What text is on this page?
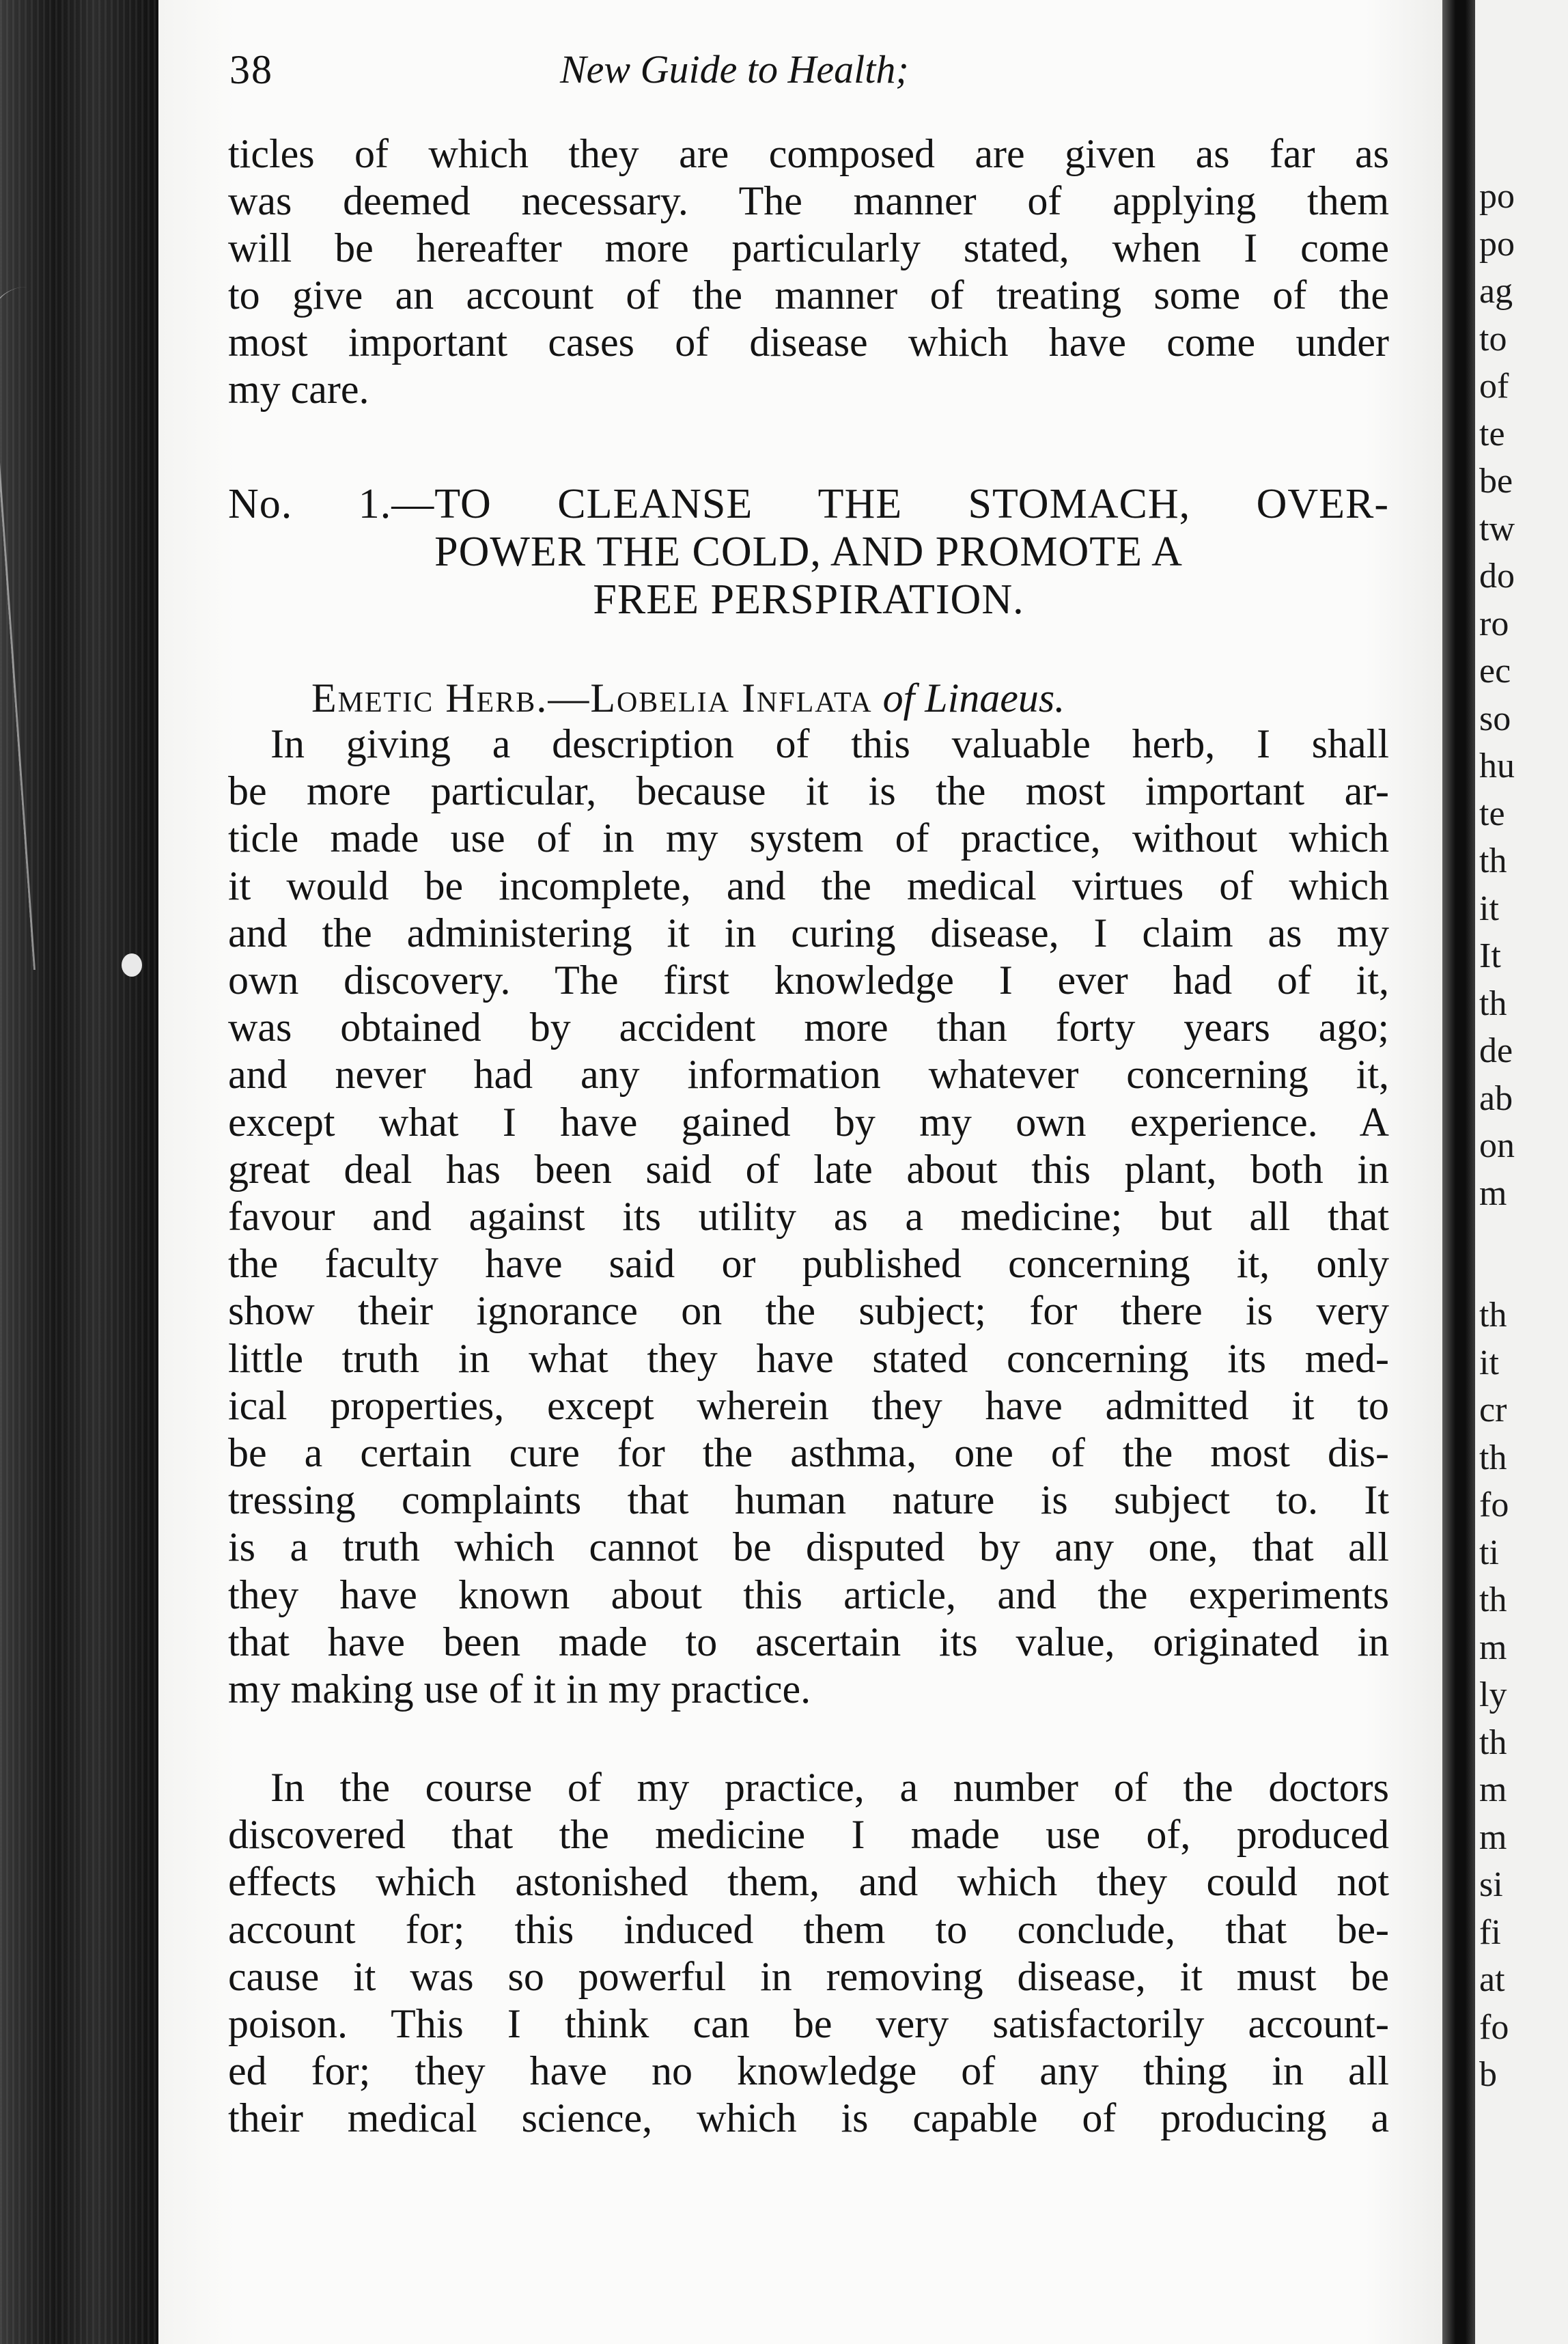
po
po
ag
to
of
te
be
tw
do
ro
ec
so
hu
te
th
it
It
th
de
ab
on
m
th
it
cr
th
fo
ti
th
m
ly
th
m
m
si
fi
at
fo
b
38	New Guide to Health;
ticles of which they are composed are given as far as
was deemed necessary. The manner of applying them
will be hereafter more particularly stated, when I come
to give an account of the manner of treating some of the
most important cases of disease which have come under
my care.
No. 1.—TO CLEANSE THE STOMACH, OVER-
POWER THE COLD, AND PROMOTE A
FREE PERSPIRATION.
Emetic Herb.—Lobelia Inflata of Linaeus.
In giving a description of this valuable herb, I shall
be more particular, because it is the most important ar-
ticle made use of in my system of practice, without which
it would be incomplete, and the medical virtues of which
and the administering it in curing disease, I claim as my
own discovery. The first knowledge I ever had of it,
was obtained by accident more than forty years ago;
and never had any information whatever concerning it,
except what I have gained by my own experience. A
great deal has been said of late about this plant, both in
favour and against its utility as a medicine; but all that
the faculty have said or published concerning it, only
show their ignorance on the subject; for there is very
little truth in what they have stated concerning its med-
ical properties, except wherein they have admitted it to
be a certain cure for the asthma, one of the most dis-
tressing complaints that human nature is subject to. It
is a truth which cannot be disputed by any one, that all
they have known about this article, and the experiments
that have been made to ascertain its value, originated in
my making use of it in my practice.
In the course of my practice, a number of the doctors
discovered that the medicine I made use of, produced
effects which astonished them, and which they could not
account for; this induced them to conclude, that be-
cause it was so powerful in removing disease, it must be
poison. This I think can be very satisfactorily account-
ed for; they have no knowledge of any thing in all
their medical science, which is capable of producing a
